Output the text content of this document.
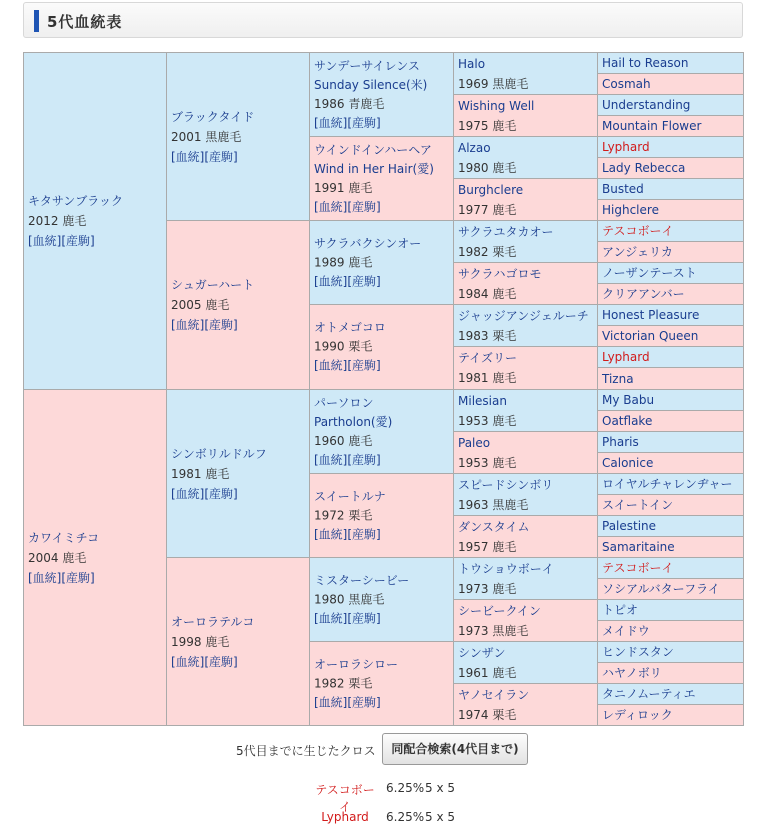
5代血統表
キタサンブラック
2012 鹿毛
[血統][産駒]
カワイミチコ
2004 鹿毛
[血統][産駒]
ブラックタイド
2001 黒鹿毛
[血統][産駒]
シュガーハート
2005 鹿毛
[血統][産駒]
シンボリルドルフ
1981 鹿毛
[血統][産駒]
オーロラテルコ
1998 鹿毛
[血統][産駒]
サンデーサイレンス
Sunday Silence(米)
1986 青鹿毛
[血統][産駒]
ウインドインハーヘア
Wind in Her Hair(愛)
1991 鹿毛
[血統][産駒]
サクラバクシンオー
1989 鹿毛
[血統][産駒]
オトメゴコロ
1990 栗毛
[血統][産駒]
パーソロン
Partholon(愛)
1960 鹿毛
[血統][産駒]
スイートルナ
1972 栗毛
[血統][産駒]
ミスターシービー
1980 黒鹿毛
[血統][産駒]
オーロラシロー
1982 栗毛
[血統][産駒]
Halo
1969 黒鹿毛
Wishing Well
1975 鹿毛
Alzao
1980 鹿毛
Burghclere
1977 鹿毛
サクラユタカオー
1982 栗毛
サクラハゴロモ
1984 鹿毛
ジャッジアンジェルーチ
1983 栗毛
テイズリー
1981 鹿毛
Milesian
1953 鹿毛
Paleo
1953 鹿毛
スピードシンボリ
1963 黒鹿毛
ダンスタイム
1957 鹿毛
トウショウボーイ
1973 鹿毛
シービークイン
1973 黒鹿毛
シンザン
1961 鹿毛
ヤノセイラン
1974 栗毛
Hail to Reason
Cosmah
Understanding
Mountain Flower
Lyphard
Lady Rebecca
Busted
Highclere
テスコボーイ
アンジェリカ
ノーザンテースト
クリアアンバー
Honest Pleasure
Victorian Queen
Lyphard
Tizna
My Babu
Oatflake
Pharis
Calonice
ロイヤルチャレンヂャー
スイートイン
Palestine
Samaritaine
テスコボーイ
ソシアルバターフライ
トピオ
メイドウ
ヒンドスタン
ハヤノボリ
タニノムーティエ
レディロック
5代目までに生じたクロス	同配合検索(4代目まで)
テスコボーイ
6.25% 5 x 5
Lyphard	6.25% 5 x 5
